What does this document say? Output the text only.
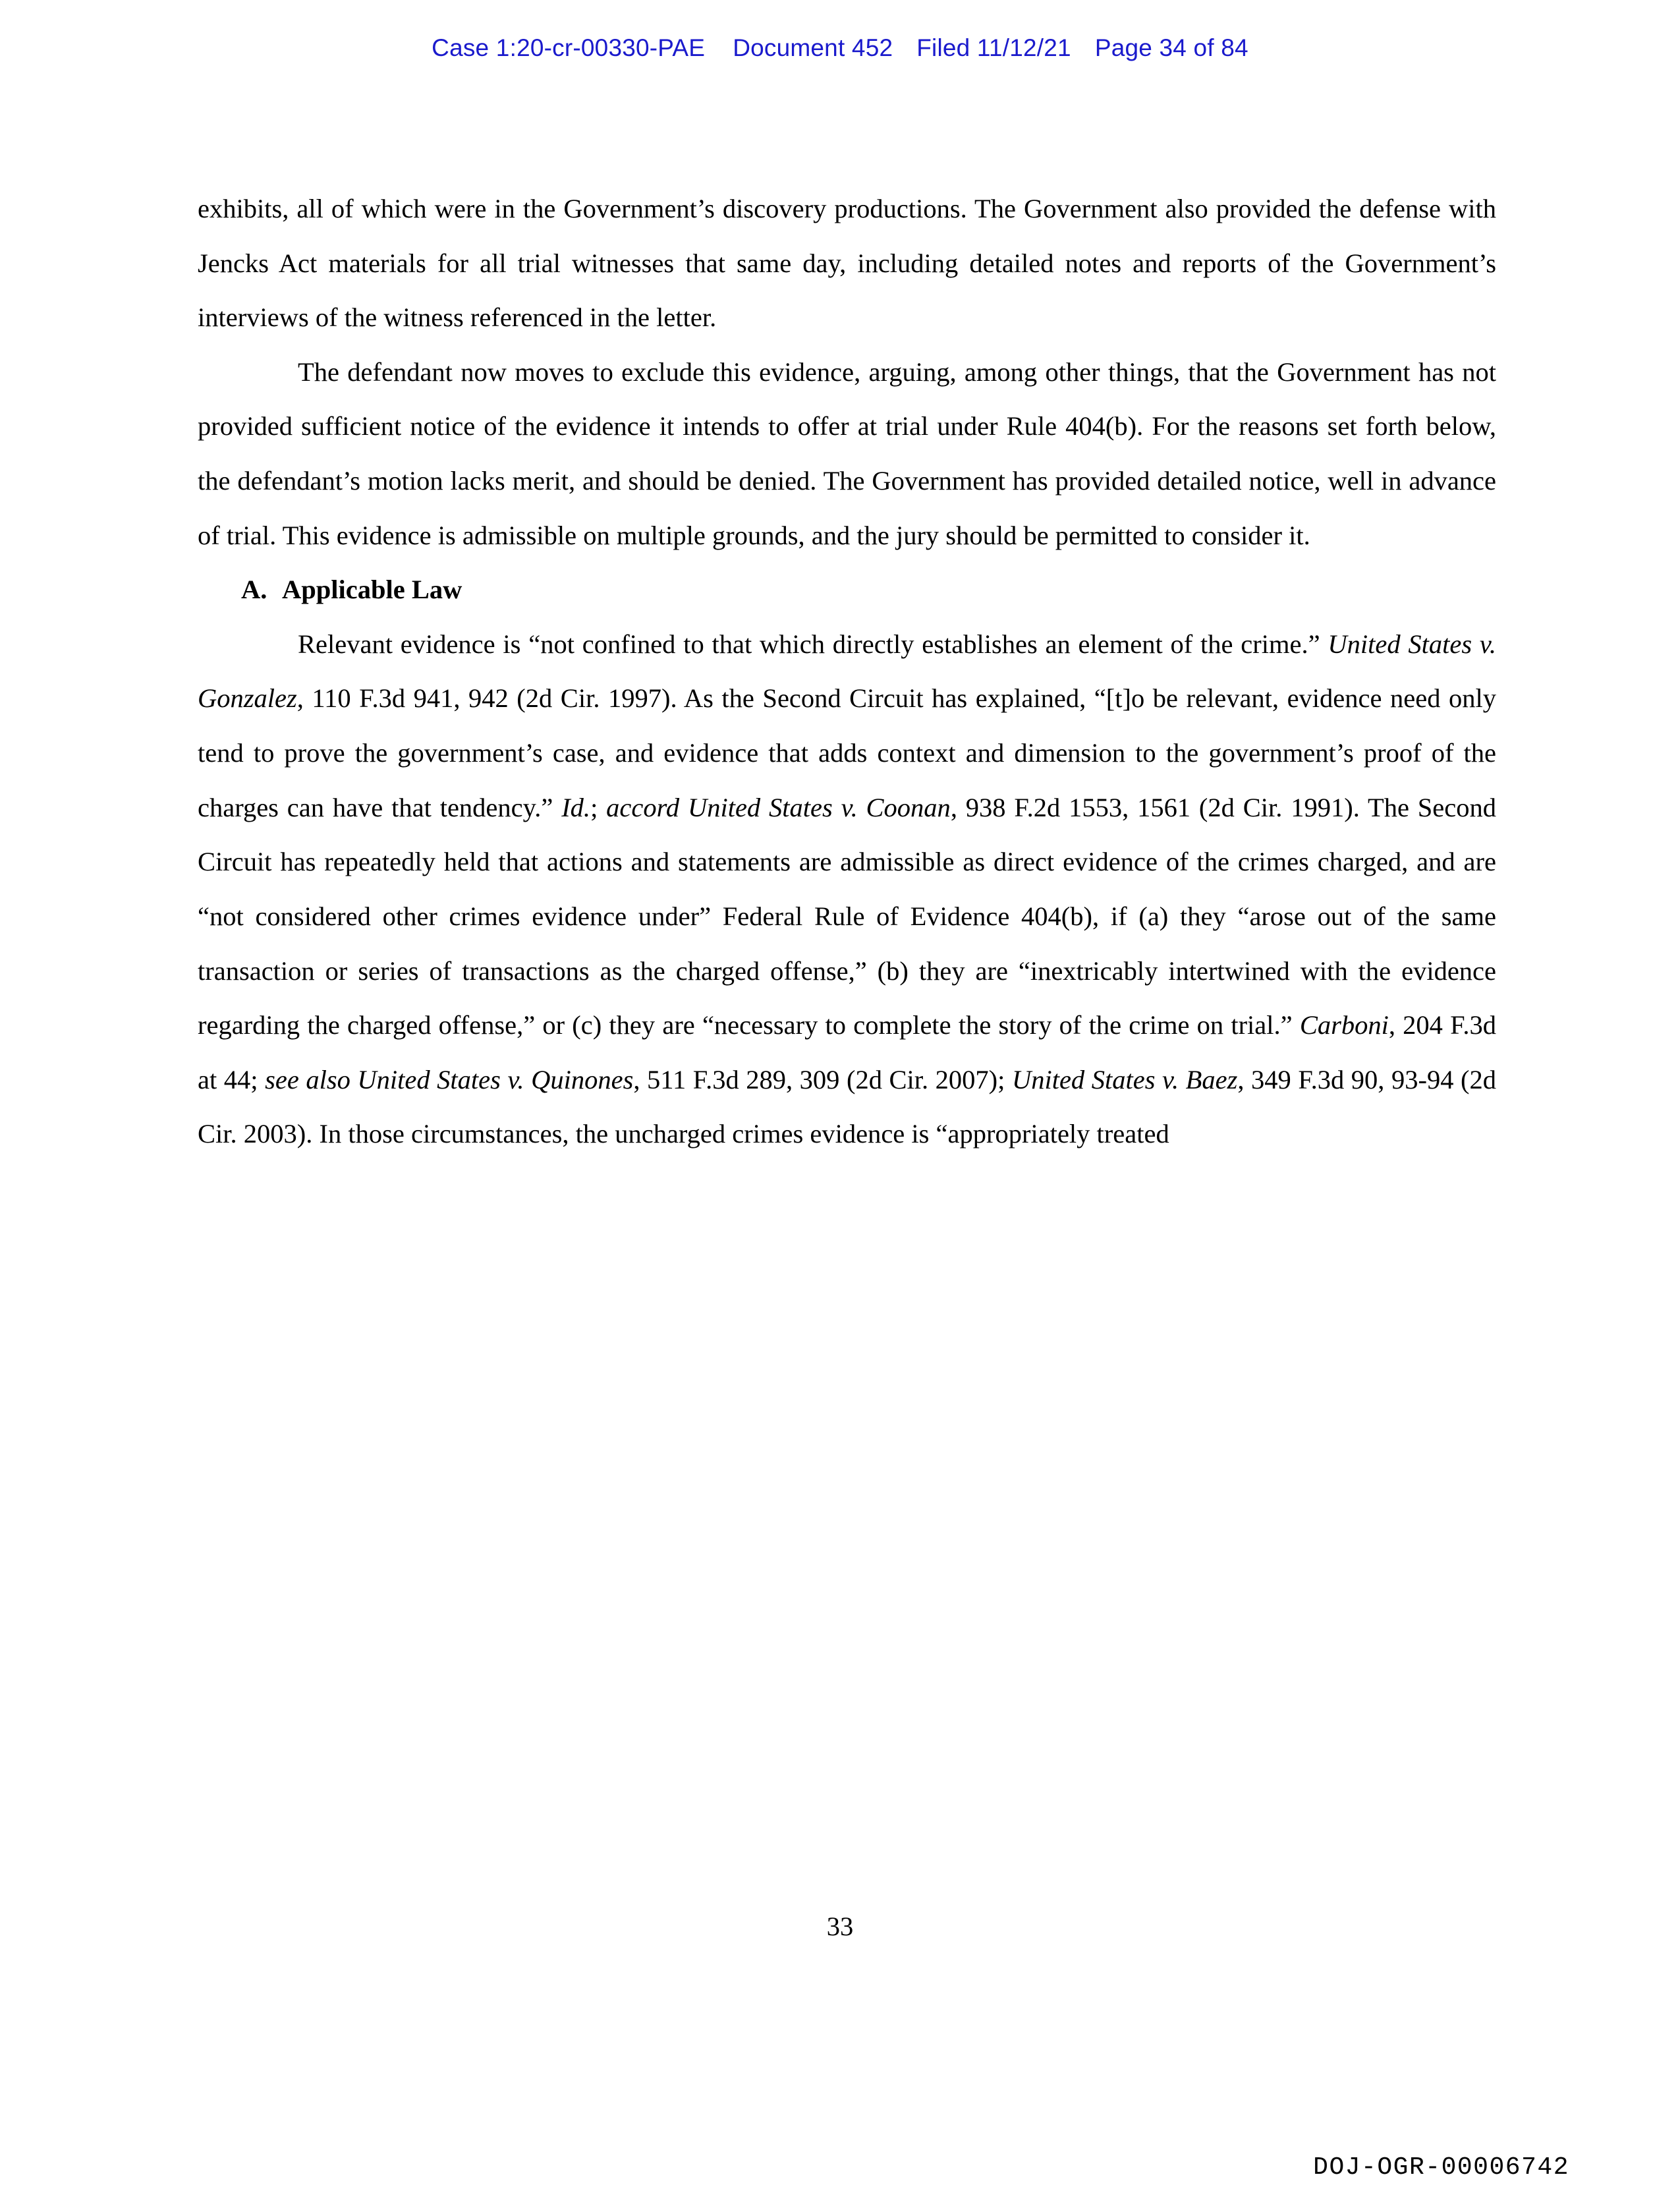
Case 1:20-cr-00330-PAE Document 452 Filed 11/12/21 Page 34 of 84

exhibits, all of which were in the Government’s discovery productions. The Government also provided the defense with Jencks Act materials for all trial witnesses that same day, including detailed notes and reports of the Government’s interviews of the witness referenced in the letter.

The defendant now moves to exclude this evidence, arguing, among other things, that the Government has not provided sufficient notice of the evidence it intends to offer at trial under Rule 404(b). For the reasons set forth below, the defendant’s motion lacks merit, and should be denied. The Government has provided detailed notice, well in advance of trial. This evidence is admissible on multiple grounds, and the jury should be permitted to consider it.

A. Applicable Law

Relevant evidence is “not confined to that which directly establishes an element of the crime.” United States v. Gonzalez, 110 F.3d 941, 942 (2d Cir. 1997). As the Second Circuit has explained, “[t]o be relevant, evidence need only tend to prove the government’s case, and evidence that adds context and dimension to the government’s proof of the charges can have that tendency.” Id.; accord United States v. Coonan, 938 F.2d 1553, 1561 (2d Cir. 1991). The Second Circuit has repeatedly held that actions and statements are admissible as direct evidence of the crimes charged, and are “not considered other crimes evidence under” Federal Rule of Evidence 404(b), if (a) they “arose out of the same transaction or series of transactions as the charged offense,” (b) they are “inextricably intertwined with the evidence regarding the charged offense,” or (c) they are “necessary to complete the story of the crime on trial.” Carboni, 204 F.3d at 44; see also United States v. Quinones, 511 F.3d 289, 309 (2d Cir. 2007); United States v. Baez, 349 F.3d 90, 93-94 (2d Cir. 2003). In those circumstances, the uncharged crimes evidence is “appropriately treated

33
DOJ-OGR-00006742
